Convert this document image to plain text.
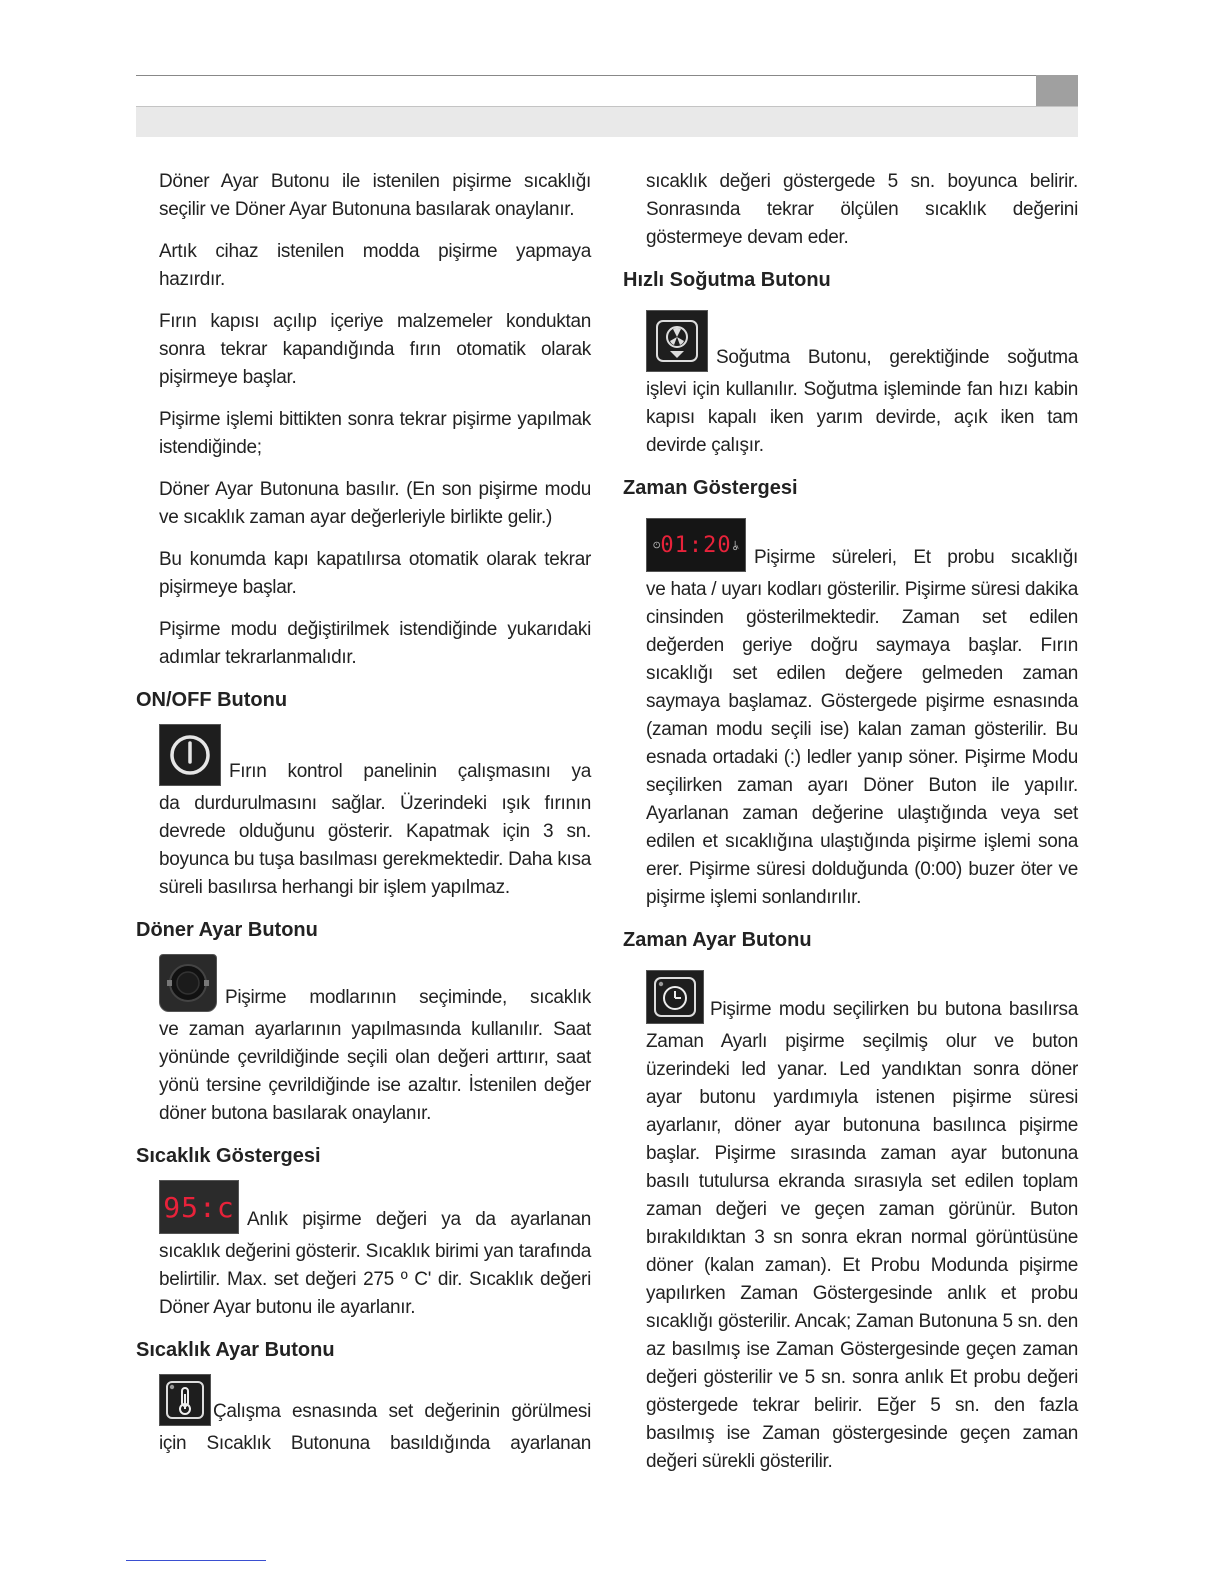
Döner Ayar Butonu ile istenilen pişirme sıcaklığı seçilir ve Döner Ayar Butonuna basılarak onaylanır.

Artık cihaz istenilen modda pişirme yapmaya hazırdır.

Fırın kapısı açılıp içeriye malzemeler konduktan sonra tekrar kapandığında fırın otomatik olarak pişirmeye başlar.

Pişirme işlemi bittikten sonra tekrar pişirme yapılmak istendiğinde;

Döner Ayar Butonuna basılır. (En son pişirme modu ve sıcaklık zaman ayar değerleriyle birlikte gelir.)

Bu konumda kapı kapatılırsa otomatik olarak tekrar pişirmeye başlar.

Pişirme modu değiştirilmek istendiğinde yukarıdaki adımlar tekrarlanmalıdır.

ON/OFF Butonu

Fırın kontrol panelinin çalışmasını ya

da durdurulmasını sağlar. Üzerindeki ışık fırının devrede olduğunu gösterir. Kapatmak için 3 sn. boyunca bu tuşa basılması gerekmektedir. Daha kısa süreli basılırsa herhangi bir işlem yapılmaz.

Döner Ayar Butonu

Pişirme modlarının seçiminde, sıcaklık

ve zaman ayarlarının yapılmasında kullanılır. Saat yönünde çevrildiğinde seçili olan değeri arttırır, saat yönü tersine çevrildiğinde ise azaltır. İstenilen değer döner butona basılarak onaylanır.

Sıcaklık Göstergesi
95:c Anlık pişirme değeri ya da ayarlanan

sıcaklık değerini gösterir. Sıcaklık birimi yan tarafında belirtilir. Max. set değeri 275 º C' dir. Sıcaklık değeri Döner Ayar butonu ile ayarlanır.

Sıcaklık Ayar Butonu

Çalışma esnasında set değerinin görülmesi

için Sıcaklık Butonuna basıldığında ayarlanan

sıcaklık değeri göstergede 5 sn. boyunca belirir. Sonrasında tekrar ölçülen sıcaklık değerini göstermeye devam eder.

Hızlı Soğutma Butonu

Soğutma Butonu, gerektiğinde soğutma

işlevi için kullanılır. Soğutma işleminde fan hızı kabin kapısı kapalı iken yarım devirde, açık iken tam devirde çalışır.

Zaman Göstergesi
01:20 Pişirme süreleri, Et probu sıcaklığı

ve hata / uyarı kodları gösterilir. Pişirme süresi dakika cinsinden gösterilmektedir. Zaman set edilen değerden geriye doğru saymaya başlar. Fırın sıcaklığı set edilen değere gelmeden zaman saymaya başlamaz. Göstergede pişirme esnasında (zaman modu seçili ise) kalan zaman gösterilir. Bu esnada ortadaki (:) ledler yanıp söner. Pişirme Modu seçilirken zaman ayarı Döner Buton ile yapılır. Ayarlanan zaman değerine ulaştığında veya set edilen et sıcaklığına ulaştığında pişirme işlemi sona erer. Pişirme süresi dolduğunda (0:00) buzer öter ve pişirme işlemi sonlandırılır.

Zaman Ayar Butonu

Pişirme modu seçilirken bu butona basılırsa

Zaman Ayarlı pişirme seçilmiş olur ve buton üzerindeki led yanar. Led yandıktan sonra döner ayar butonu yardımıyla istenen pişirme süresi ayarlanır, döner ayar butonuna basılınca pişirme başlar. Pişirme sırasında zaman ayar butonuna basılı tutulursa ekranda sırasıyla set edilen toplam zaman değeri ve geçen zaman görünür. Buton bırakıldıktan 3 sn sonra ekran normal görüntüsüne döner (kalan zaman). Et Probu Modunda pişirme yapılırken Zaman Göstergesinde anlık et probu sıcaklığı gösterilir. Ancak; Zaman Butonuna 5 sn. den az basılmış ise Zaman Göstergesinde geçen zaman değeri gösterilir ve 5 sn. sonra anlık Et probu değeri göstergede tekrar belirir. Eğer 5 sn. den fazla basılmış ise Zaman göstergesinde geçen zaman değeri sürekli gösterilir.
